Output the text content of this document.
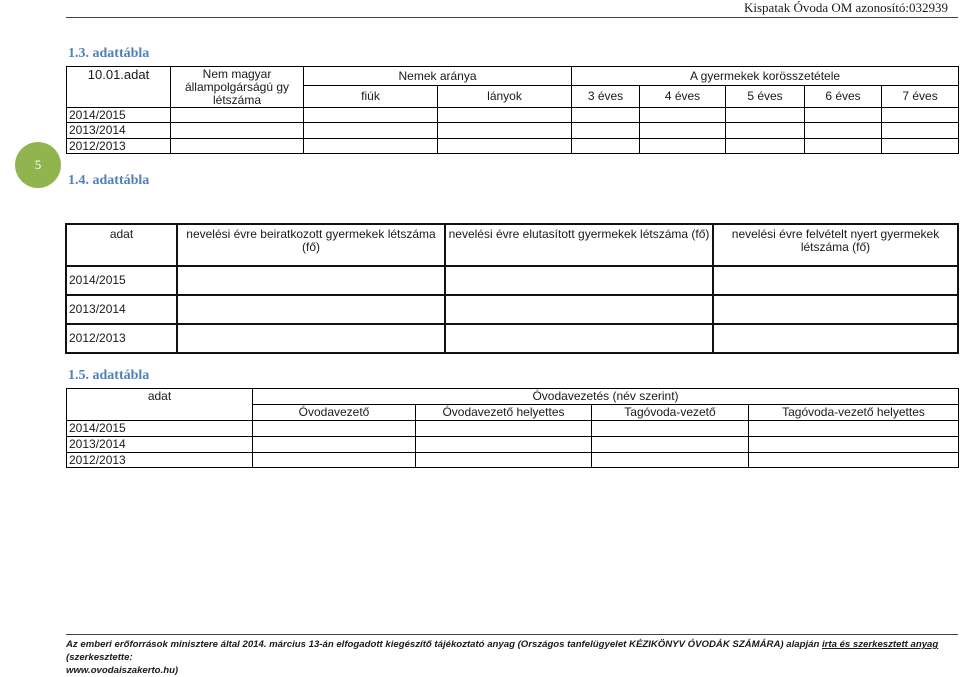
Kispatak Óvoda OM azonosító:032939
5
1.3. adattábla
10.01.adat	Nem magyar állampolgárságú gy létszáma	Nemek aránya		A gyermekek korösszetétele				
		fiúk	lányok	3 éves	4 éves	5 éves	6 éves	7 éves
2014/2015								
2013/2014								
2012/2013								
1.4. adattábla
adat	nevelési évre beiratkozott gyermekek létszáma (fő)	nevelési évre elutasított gyermekek létszáma (fő)	nevelési évre felvételt nyert gyermekek létszáma (fő)
2014/2015			
2013/2014			
2012/2013			
1.5. adattábla
adat	Óvodavezetés (név szerint)			
	Óvodavezető	Óvodavezető helyettes	Tagóvoda-vezető	Tagóvoda-vezető helyettes
2014/2015				
2013/2014				
2012/2013				
Az emberi erőforrások minisztere által 2014. március 13-án elfogadott kiegészítő tájékoztató anyag (Országos tanfelügyelet KÉZIKÖNYV ÓVODÁK SZÁMÁRA) alapján irta és szerkesztett anyag (szerkesztette:
www.ovodaiszakerto.hu)
